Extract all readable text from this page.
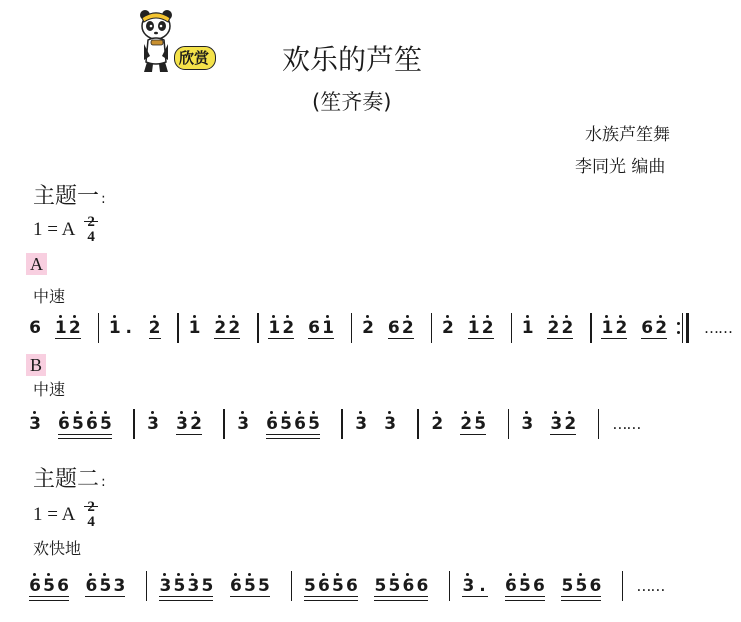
欣赏	欢乐的芦笙
(笙齐奏)
水族芦笙舞
李同光 编曲
主题一 :
1 = A 4
A
中速
6 1 2 1 . 2 1 2 2 1 2 6 1 2 6 2 2 1 2 1 2 2 1 2 6 2 ……
B
中速
3 6 5 6 5 3 3 2 3 6 5 6 5 3 3 2 2 5 3 3 2 ……
主题二 :
1 = A 4
欢快地
6 5 6 6 5 3 3 5 3 5 6 5 5 5 6 5 6 5 5 6 6 3 . 6 5 6 5 5 6 ……
